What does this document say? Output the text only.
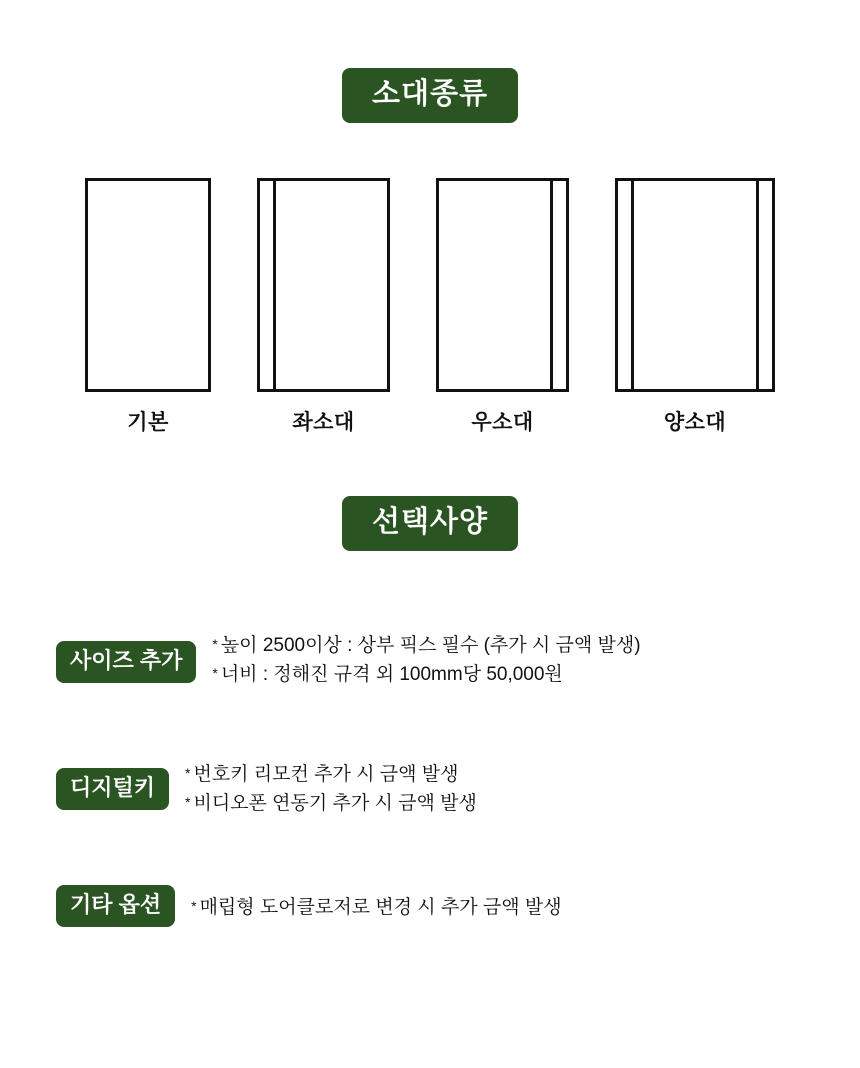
소대종류
기본	좌소대	우소대	양소대
선택사양
사이즈 추가
* 높이 2500이상 : 상부 픽스 필수 (추가 시 금액 발생)
* 너비 : 정해진 규격 외 100mm당 50,000원
디지털키
* 번호키 리모컨 추가 시 금액 발생
* 비디오폰 연동기 추가 시 금액 발생
기타 옵션	* 매립형 도어클로저로 변경 시 추가 금액 발생
